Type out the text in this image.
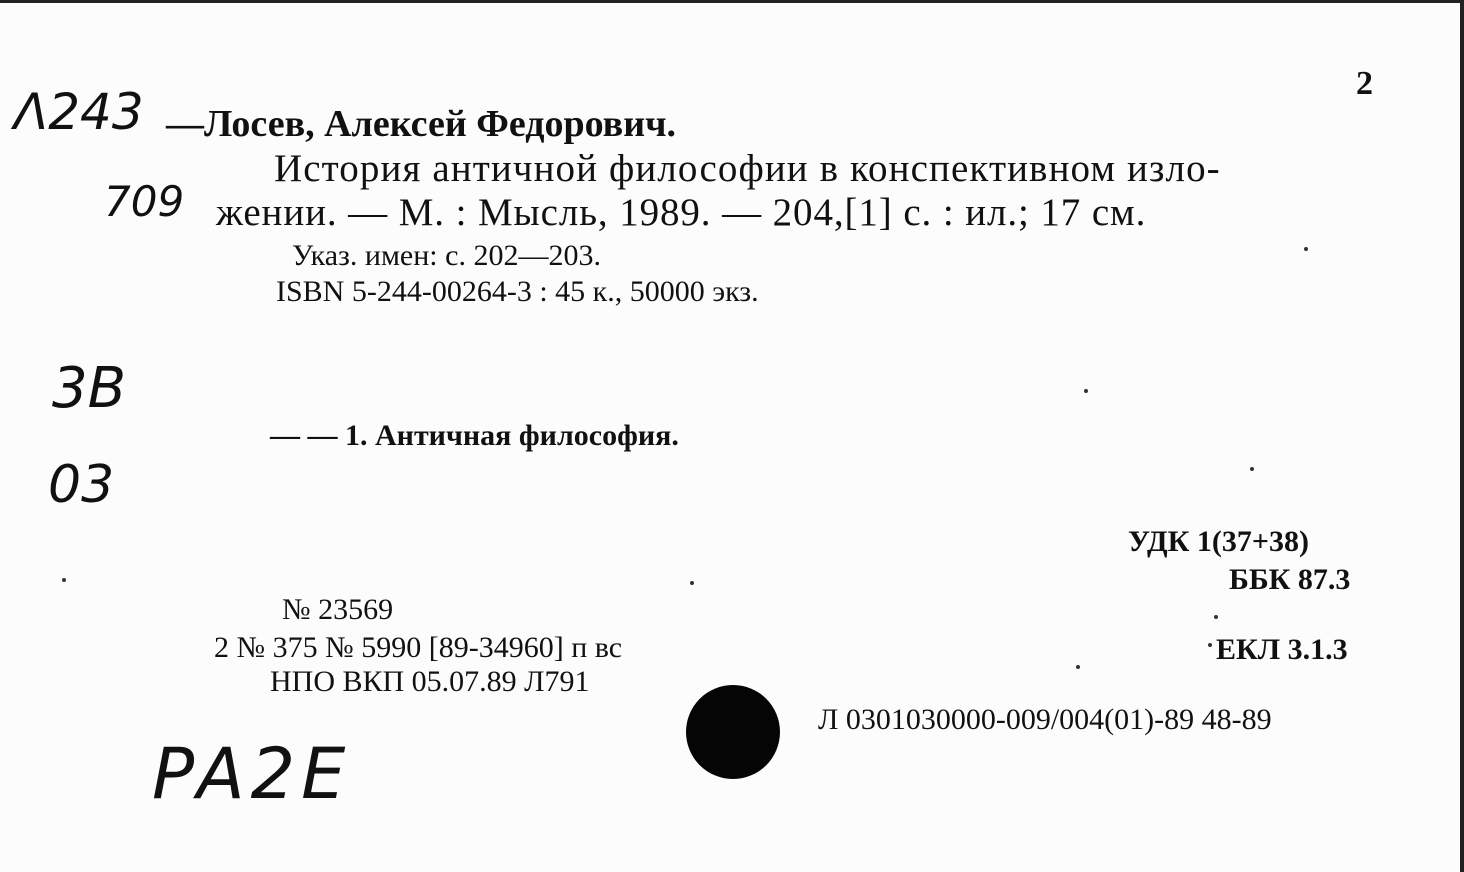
2
Λ243
709
—Лосев, Алексей Федорович.
История античной философии в конспективном изло-
жении. — М. : Мысль, 1989. — 204,[1] с. : ил.; 17 см.
Указ. имен: с. 202—203.
ISBN 5-244-00264-3 : 45 к., 50000 экз.
3B
03
— — 1. Античная философия.
УДК 1(37+38)
ББК 87.3
ЕКЛ 3.1.3
№ 23569
2 № 375 № 5990 [89-34960] п вс
НПО ВКП 05.07.89 Л791
Л 0301030000-009/004(01)-89 48-89
PA2E
